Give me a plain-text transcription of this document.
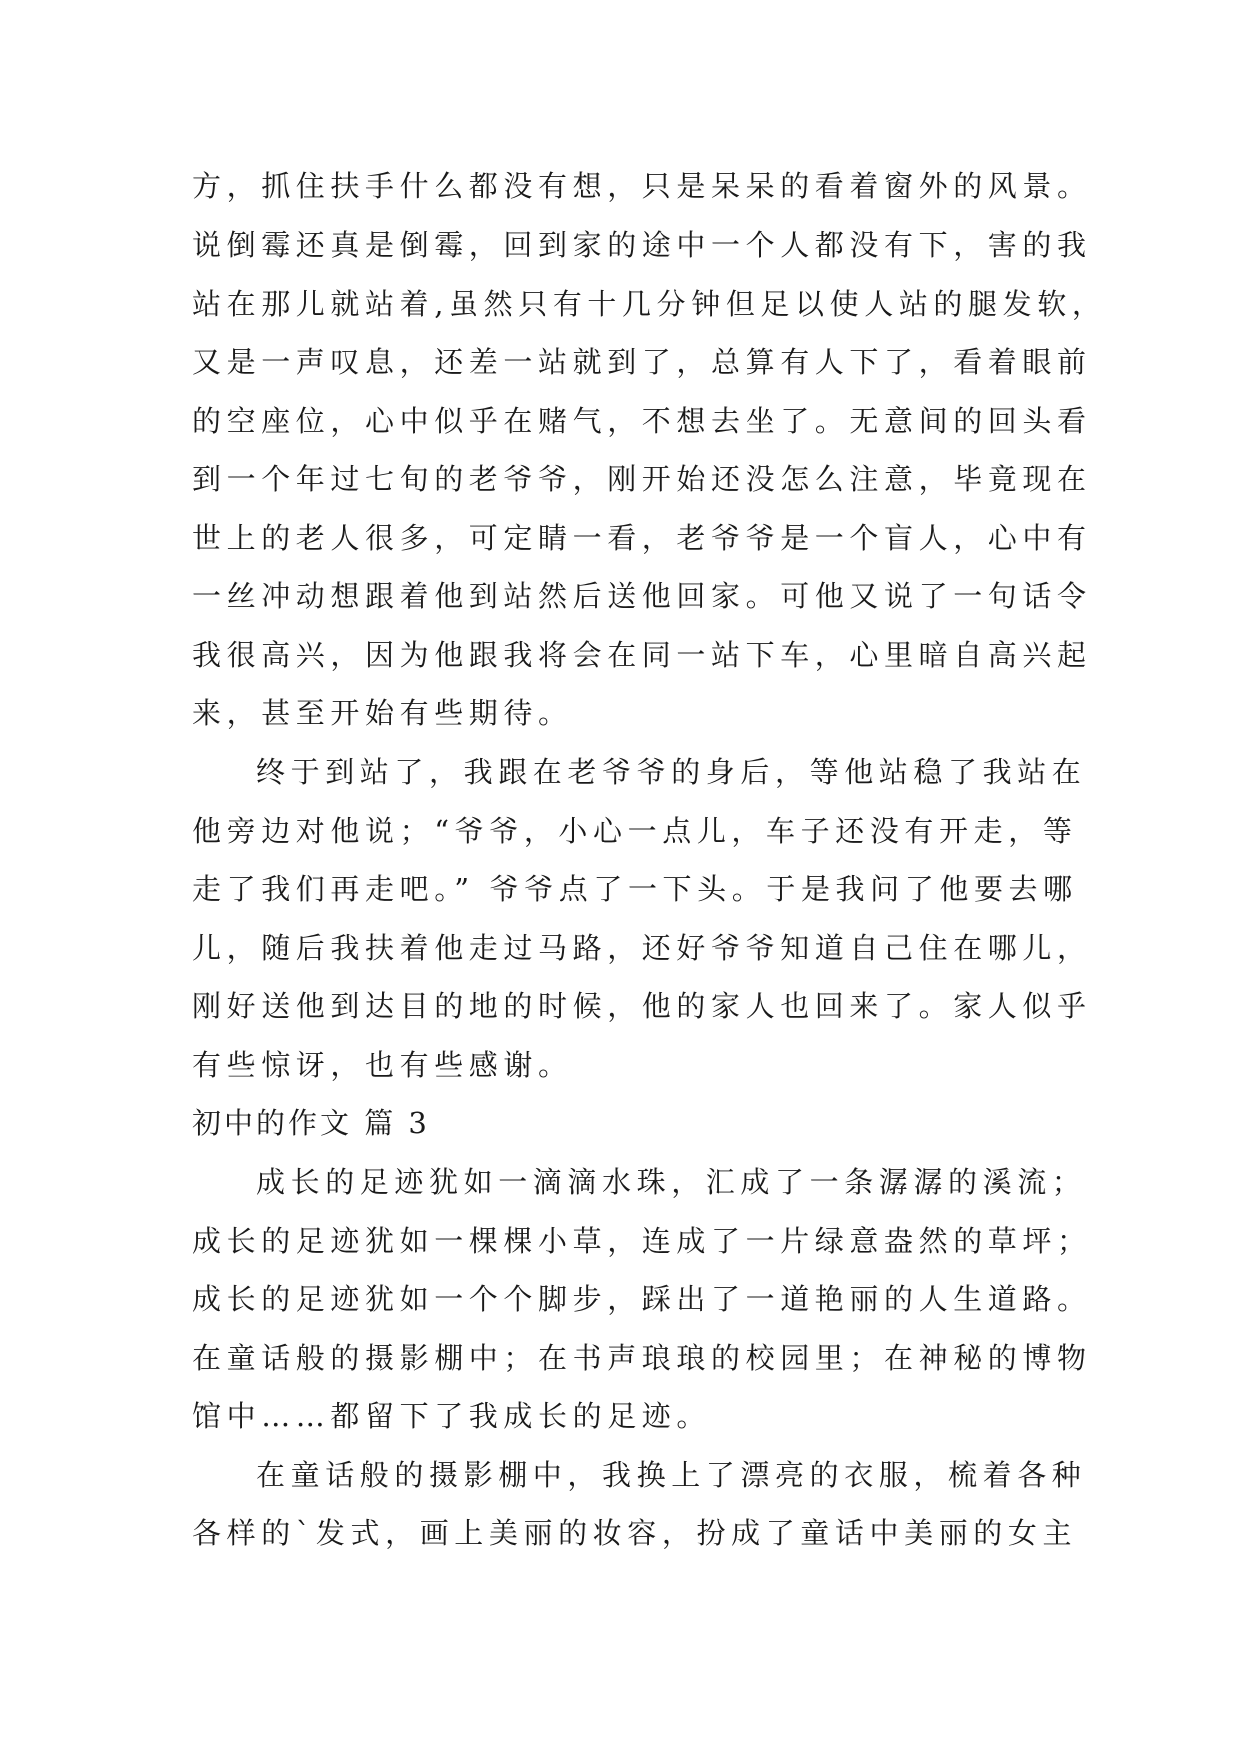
方，抓住扶手什么都没有想，只是呆呆的看着窗外的风景。
说倒霉还真是倒霉，回到家的途中一个人都没有下，害的我
站在那儿就站着,虽然只有十几分钟但足以使人站的腿发软，
又是一声叹息，还差一站就到了，总算有人下了，看着眼前
的空座位，心中似乎在赌气，不想去坐了。无意间的回头看
到一个年过七旬的老爷爷，刚开始还没怎么注意，毕竟现在
世上的老人很多，可定睛一看，老爷爷是一个盲人，心中有
一丝冲动想跟着他到站然后送他回家。可他又说了一句话令
我很高兴，因为他跟我将会在同一站下车，心里暗自高兴起
来，甚至开始有些期待。
终于到站了，我跟在老爷爷的身后，等他站稳了我站在
他旁边对他说；“爷爷，小心一点儿，车子还没有开走，等
走了我们再走吧。” 爷爷点了一下头。于是我问了他要去哪
儿，随后我扶着他走过马路，还好爷爷知道自己住在哪儿，
刚好送他到达目的地的时候，他的家人也回来了。家人似乎
有些惊讶，也有些感谢。
初中的作文 篇 3
成长的足迹犹如一滴滴水珠，汇成了一条潺潺的溪流；
成长的足迹犹如一棵棵小草，连成了一片绿意盎然的草坪；
成长的足迹犹如一个个脚步，踩出了一道艳丽的人生道路。
在童话般的摄影棚中；在书声琅琅的校园里；在神秘的博物
馆中……都留下了我成长的足迹。
在童话般的摄影棚中，我换上了漂亮的衣服，梳着各种
各样的`发式，画上美丽的妆容，扮成了童话中美丽的女主
